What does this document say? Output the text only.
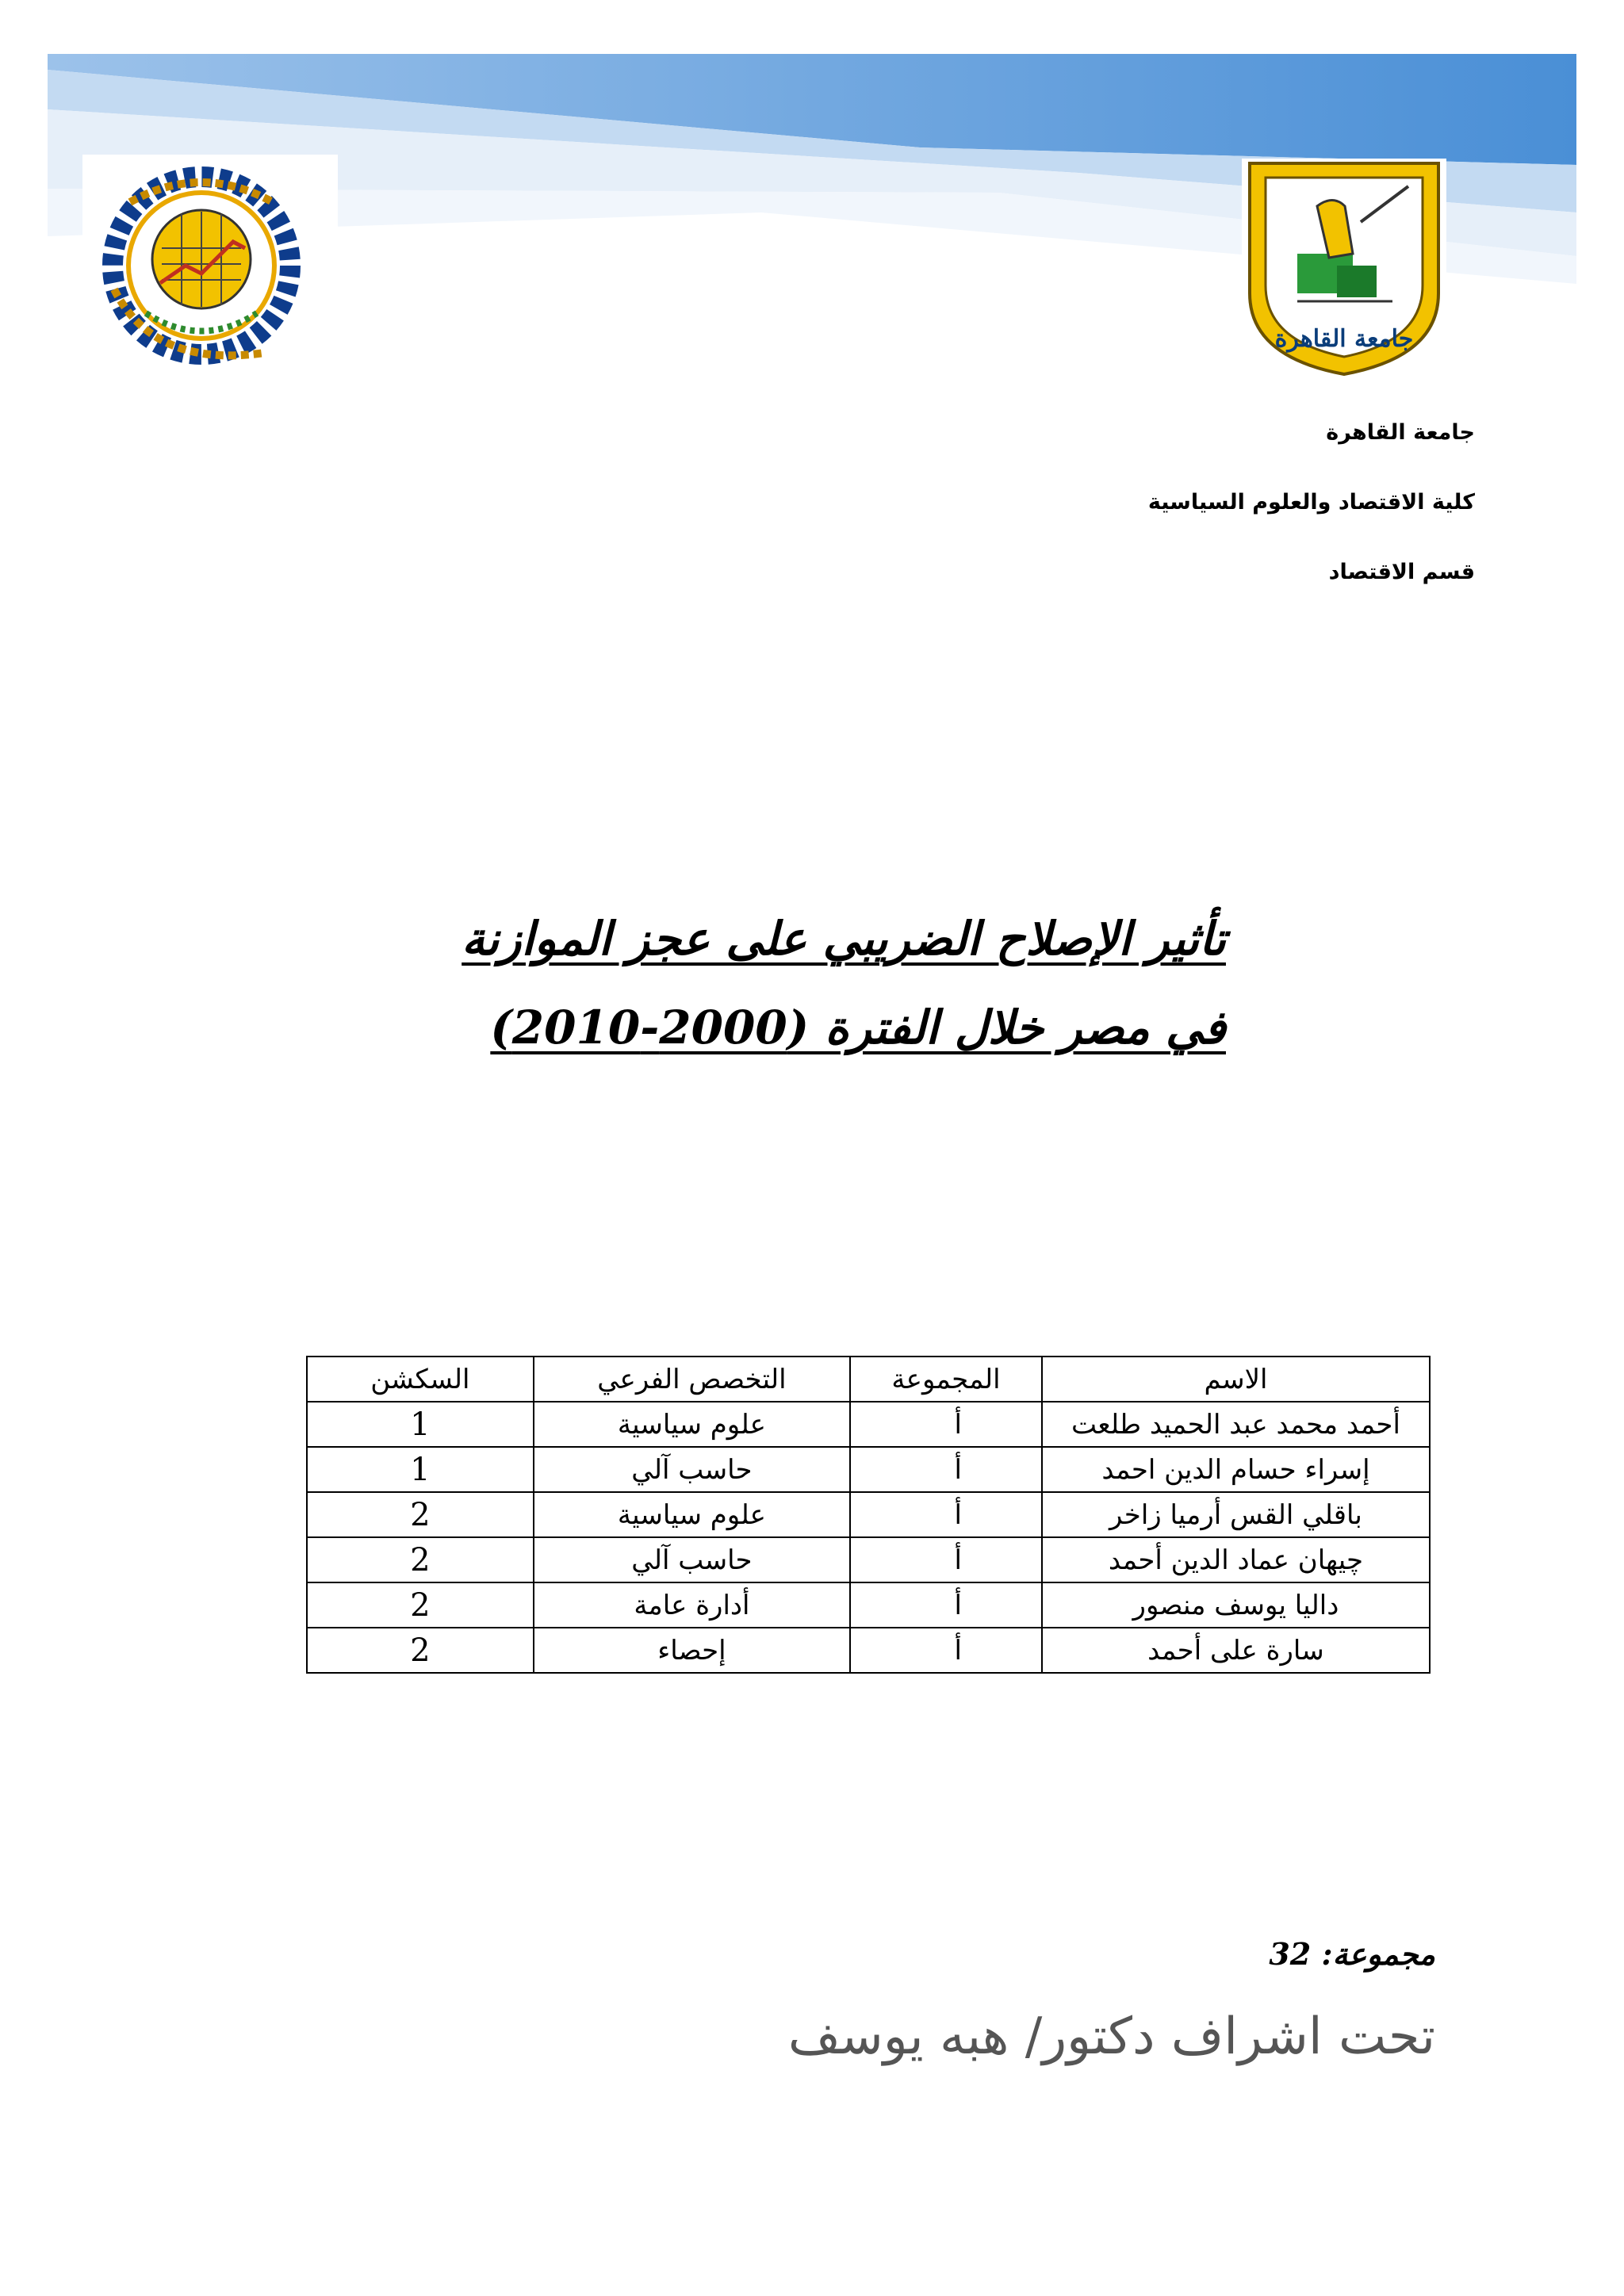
جامعة القاهرة
جامعة القاهرة
كلية الاقتصاد والعلوم السياسية
قسم الاقتصاد
تأثير الإصلاح الضريبي على عجز الموازنة
في مصر خلال الفترة (2000-2010)
الاسم	المجموعة	التخصص الفرعي	السكشن
أحمد محمد عبد الحميد طلعت	أ	علوم سياسية	1
إسراء حسام الدين احمد	أ	حاسب آلي	1
باقلي القس أرميا زاخر	أ	علوم سياسية	2
چيهان عماد الدين أحمد	أ	حاسب آلي	2
داليا يوسف منصور	أ	أدارة عامة	2
سارة على أحمد	أ	إحصاء	2
مجموعة: 32
تحت اشراف دكتور/ هبه يوسف
